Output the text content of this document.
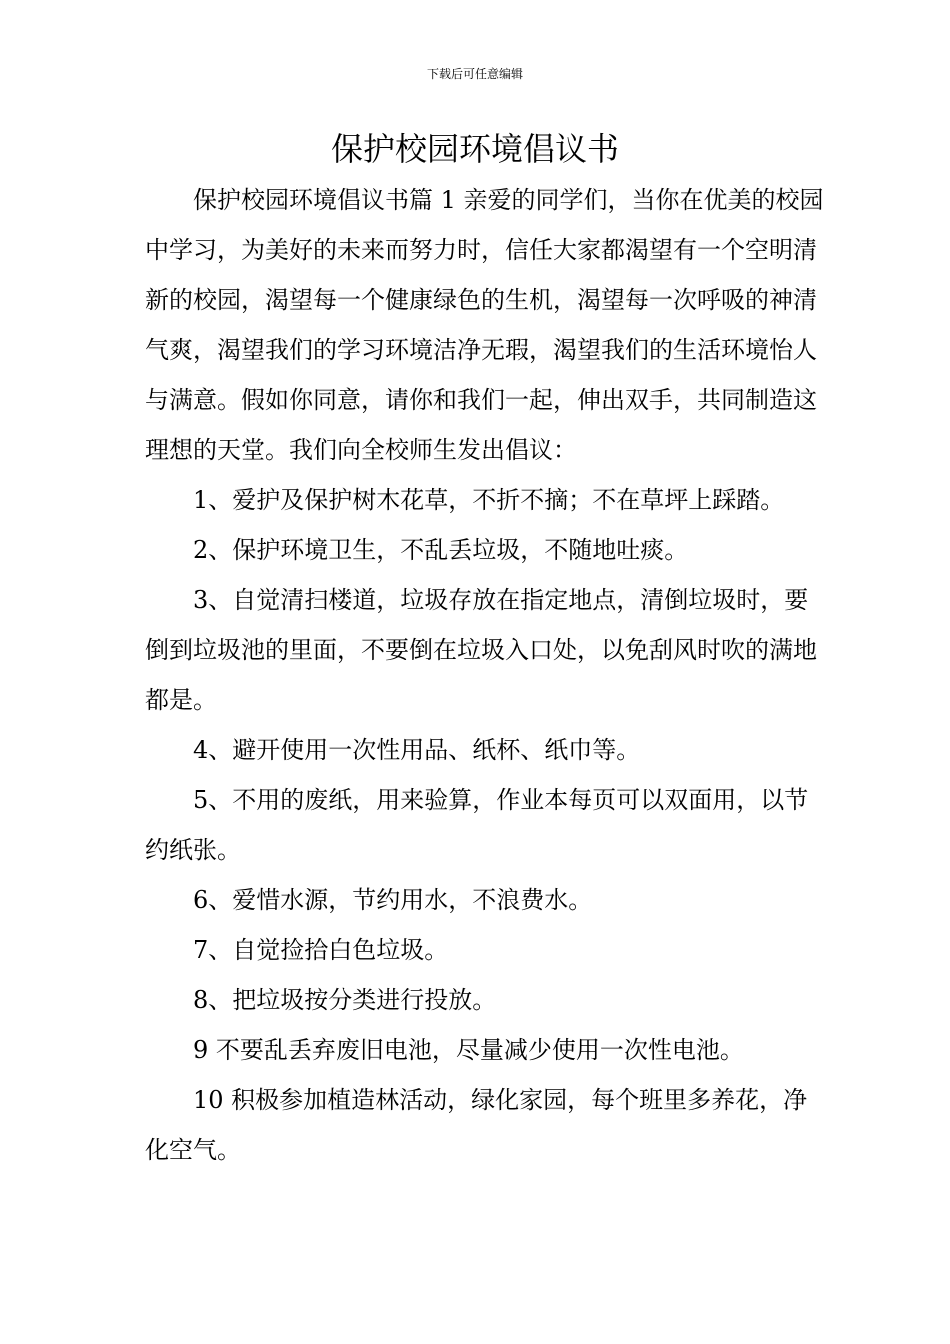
下载后可任意编辑
保护校园环境倡议书

保护校园环境倡议书篇 1 亲爱的同学们，当你在优美的校园中学习，为美好的未来而努力时，信任大家都渴望有一个空明清新的校园，渴望每一个健康绿色的生机，渴望每一次呼吸的神清气爽，渴望我们的学习环境洁净无瑕，渴望我们的生活环境怡人与满意。假如你同意，请你和我们一起，伸出双手，共同制造这理想的天堂。我们向全校师生发出倡议：

1、爱护及保护树木花草，不折不摘；不在草坪上踩踏。

2、保护环境卫生，不乱丢垃圾，不随地吐痰。

3、自觉清扫楼道，垃圾存放在指定地点，清倒垃圾时，要倒到垃圾池的里面，不要倒在垃圾入口处，以免刮风时吹的满地都是。

4、避开使用一次性用品、纸杯、纸巾等。

5、不用的废纸，用来验算，作业本每页可以双面用，以节约纸张。

6、爱惜水源，节约用水，不浪费水。

7、自觉捡拾白色垃圾。

8、把垃圾按分类进行投放。

9 不要乱丢弃废旧电池，尽量减少使用一次性电池。

10 积极参加植造林活动，绿化家园，每个班里多养花，净化空气。
